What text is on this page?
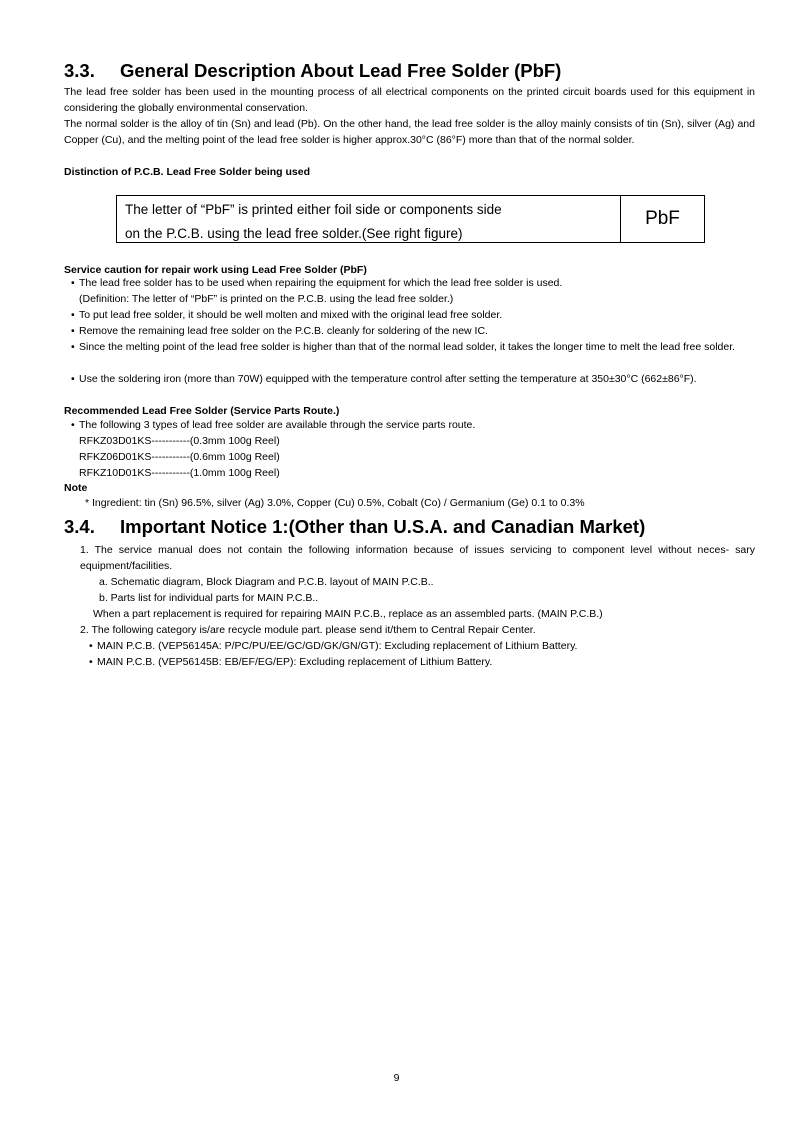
3.3. General Description About Lead Free Solder (PbF)
The lead free solder has been used in the mounting process of all electrical components on the printed circuit boards used for this equipment in considering the globally environmental conservation.
The normal solder is the alloy of tin (Sn) and lead (Pb). On the other hand, the lead free solder is the alloy mainly consists of tin (Sn), silver (Ag) and Copper (Cu), and the melting point of the lead free solder is higher approx.30°C (86°F) more than that of the normal solder.
Distinction of P.C.B. Lead Free Solder being used
The letter of “PbF” is printed either foil side or components side
on the P.C.B. using the lead free solder.(See right figure)
PbF
Service caution for repair work using Lead Free Solder (PbF)
• The lead free solder has to be used when repairing the equipment for which the lead free solder is used.
(Definition: The letter of “PbF” is printed on the P.C.B. using the lead free solder.)
• To put lead free solder, it should be well molten and mixed with the original lead free solder.
• Remove the remaining lead free solder on the P.C.B. cleanly for soldering of the new IC.
• Since the melting point of the lead free solder is higher than that of the normal lead solder, it takes the longer time to melt the lead free solder.
• Use the soldering iron (more than 70W) equipped with the temperature control after setting the temperature at 350±30°C (662±86°F).
Recommended Lead Free Solder (Service Parts Route.)
• The following 3 types of lead free solder are available through the service parts route.
RFKZ03D01KS-----------(0.3mm 100g Reel)
RFKZ06D01KS-----------(0.6mm 100g Reel)
RFKZ10D01KS-----------(1.0mm 100g Reel)
Note
* Ingredient: tin (Sn) 96.5%, silver (Ag) 3.0%, Copper (Cu) 0.5%, Cobalt (Co) / Germanium (Ge) 0.1 to 0.3%
3.4. Important Notice 1:(Other than U.S.A. and Canadian Market)
1. The service manual does not contain the following information because of issues servicing to component level without neces- sary equipment/facilities.
a. Schematic diagram, Block Diagram and P.C.B. layout of MAIN P.C.B..
b. Parts list for individual parts for MAIN P.C.B..
When a part replacement is required for repairing MAIN P.C.B., replace as an assembled parts. (MAIN P.C.B.)
2. The following category is/are recycle module part. please send it/them to Central Repair Center.
• MAIN P.C.B. (VEP56145A: P/PC/PU/EE/GC/GD/GK/GN/GT): Excluding replacement of Lithium Battery.
• MAIN P.C.B. (VEP56145B: EB/EF/EG/EP): Excluding replacement of Lithium Battery.
9
